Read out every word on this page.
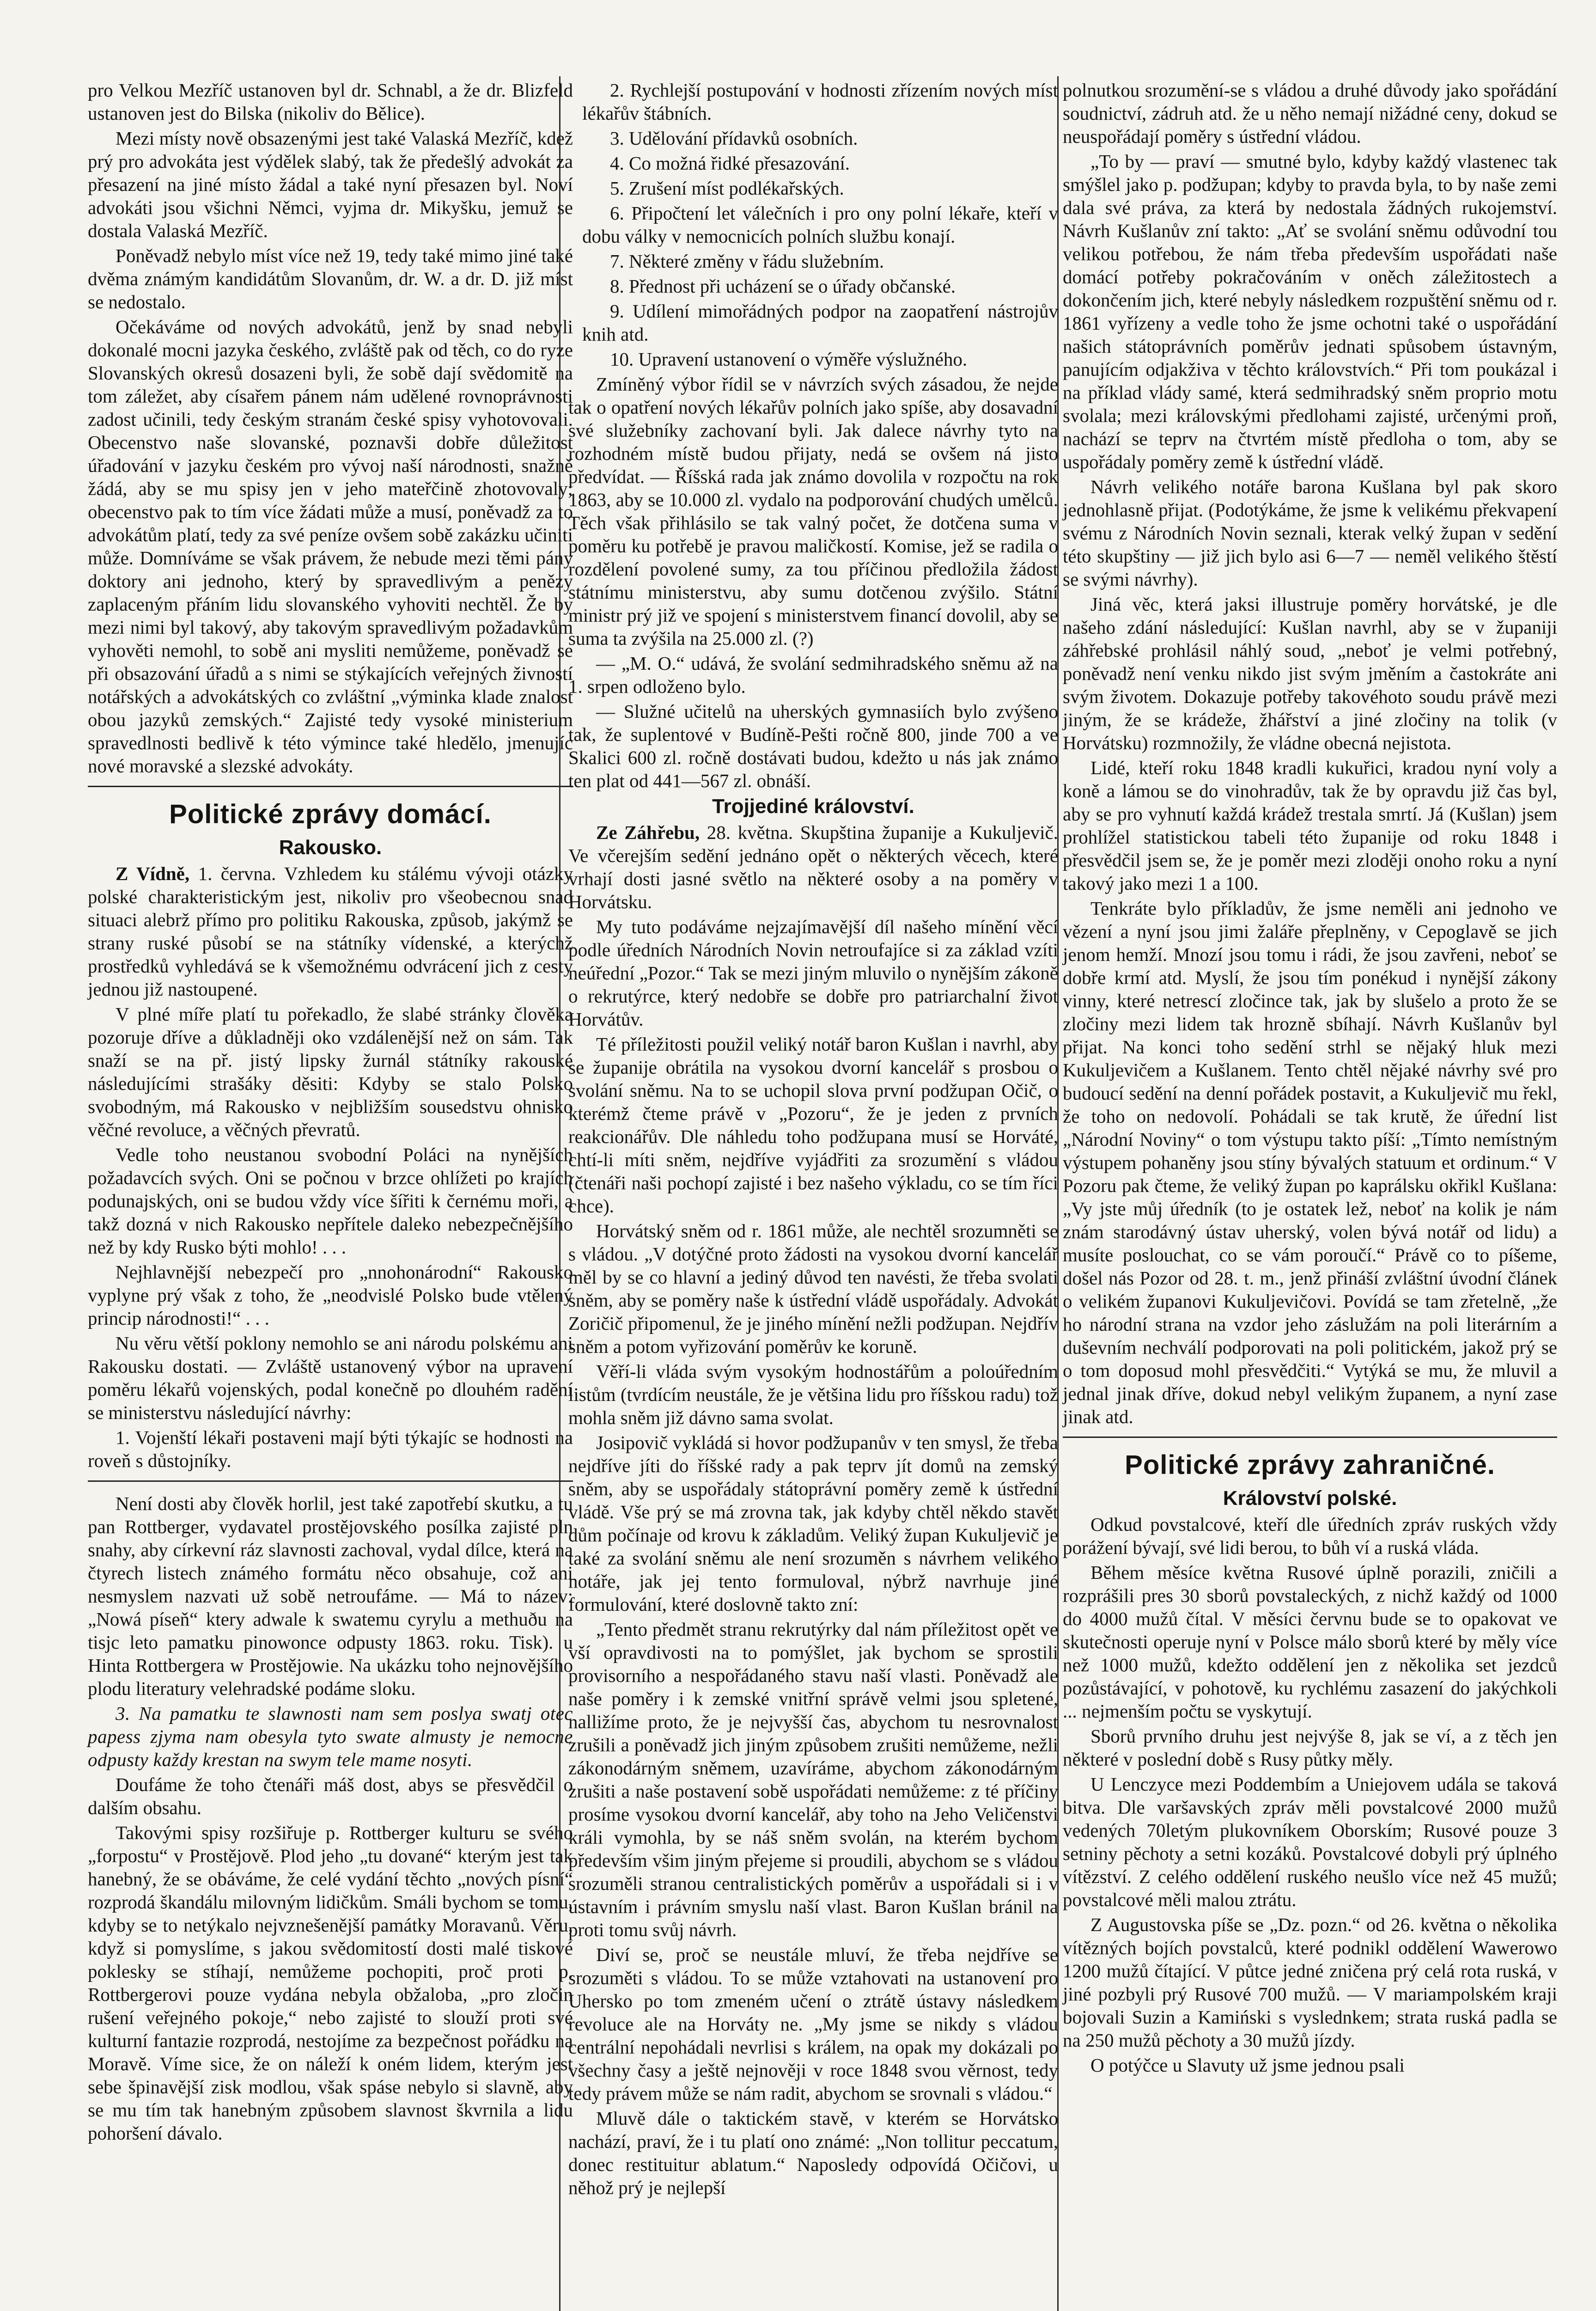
pro Velkou Mezříč ustanoven byl dr. Schnabl, a že dr. Blizfeld ustanoven jest do Bilska (nikoliv do Bělice).

Mezi místy nově obsazenými jest také Valaská Mezříč, kdež prý pro advokáta jest výdělek slabý, tak že předešlý advokát za přesazení na jiné místo žádal a také nyní přesazen byl. Noví advokáti jsou všichni Němci, vyjma dr. Mikyšku, jemuž se dostala Valaská Mezříč.

Poněvadž nebylo míst více než 19, tedy také mimo jiné také dvěma známým kandidátům Slovanům, dr. W. a dr. D. již míst se nedostalo.

Očekáváme od nových advokátů, jenž by snad nebyli dokonalé mocni jazyka českého, zvláště pak od těch, co do ryze Slovanských okresů dosazeni byli, že sobě dají svědomitě na tom záležet, aby císařem pánem nám udělené rovnoprávnosti zadost učinili, tedy českým stranám české spisy vyhotovovali. Obecenstvo naše slovanské, poznavši dobře důležitost úřadování v jazyku českém pro vývoj naší národnosti, snažně žádá, aby se mu spisy jen v jeho mateřčině zhotovovaly; obecenstvo pak to tím více žádati může a musí, poněvadž za to advokátům platí, tedy za své peníze ovšem sobě zakázku učiniti může. Domníváme se však právem, že nebude mezi těmi pány doktory ani jednoho, který by spravedlivým a penězy zaplaceným přáním lidu slovanského vyhoviti nechtěl. Že by mezi nimi byl takový, aby takovým spravedlivým požadavkům vyhověti nemohl, to sobě ani mysliti nemůžeme, poněvadž se při obsazování úřadů a s nimi se stýkajících veřejných živností notářských a advokátských co zvláštní „výminka klade znalost obou jazyků zemských.“ Zajisté tedy vysoké ministerium spravedlnosti bedlivě k této výmince také hledělo, jmenujíc nové moravské a slezské advokáty.

Politické zprávy domácí.
Rakousko.

Z Vídně, 1. června. Vzhledem ku stálému vývoji otázky polské charakteristickým jest, nikoliv pro všeobecnou snad situaci alebrž přímo pro politiku Rakouska, způsob, jakýmž se strany ruské působí se na státníky vídenské, a kterýchž prostředků vyhledává se k všemožnému odvrácení jich z cesty jednou již nastoupené.

V plné míře platí tu pořekadlo, že slabé stránky člověka pozoruje dříve a důkladněji oko vzdálenější než on sám. Tak snaží se na př. jistý lipsky žurnál státníky rakouské následujícími strašáky děsiti: Kdyby se stalo Polsko svobodným, má Rakousko v nejbližším sousedstvu ohnisko věčné revoluce, a věčných převratů.

Vedle toho neustanou svobodní Poláci na nynějších požadavcích svých. Oni se počnou v brzce ohlížeti po krajích podunajských, oni se budou vždy více šířiti k černému moři, a takž dozná v nich Rakousko nepřítele daleko nebezpečnějšího než by kdy Rusko býti mohlo! . . .

Nejhlavnější nebezpečí pro „nnohonárodní“ Rakousko vyplyne prý však z toho, že „neodvislé Polsko bude vtělený princip národnosti!“ . . .

Nu věru větší poklony nemohlo se ani národu polskému ani Rakousku dostati. — Zvláště ustanovený výbor na upravení poměru lékařů vojenských, podal konečně po dlouhém radění se ministerstvu následující návrhy:

1. Vojenští lékaři postaveni mají býti týkajíc se hodnosti na roveň s důstojníky.

Není dosti aby člověk horlil, jest také zapotřebí skutku, a tu pan Rottberger, vydavatel prostějovského posílka zajisté pln snahy, aby církevní ráz slavnosti zachoval, vydal dílce, která na čtyrech listech známého formátu něco obsahuje, což ani nesmyslem nazvati už sobě netroufáme. — Má to název: „Nowá píseň“ ktery adwale k swatemu cyrylu a methuðu na tisjc leto pamatku pinowonce odpusty 1863. roku. Tisk). u Hinta Rottbergera w Prostějowie. Na ukázku toho nejnovějšího plodu literatury velehradské podáme sloku.

3. Na pamatku te slawnosti nam sem poslya swatj otec papess zjyma nam obesyla tyto swate almusty je nemocne odpusty každy krestan na swym tele mame nosyti.

Doufáme že toho čtenáři máš dost, abys se přesvědčil o dalším obsahu.

Takovými spisy rozšiřuje p. Rottberger kulturu se svého „forpostu“ v Prostějově. Plod jeho „tu dované“ kterým jest tak hanebný, že se obáváme, že celé vydání těchto „nových písní“ rozprodá škandálu milovným lidičkům. Smáli bychom se tomu, kdyby se to netýkalo nejvznešenější památky Moravanů. Věru, když si pomyslíme, s jakou svědomitostí dosti malé tiskové poklesky se stíhají, nemůžeme pochopiti, proč proti p. Rottbergerovi pouze vydána nebyla obžaloba, „pro zločin rušení veřejného pokoje,“ nebo zajisté to slouží proti své kulturní fantazie rozprodá, nestojíme za bezpečnost pořádku na Moravě. Víme sice, že on náleží k oném lidem, kterým jest sebe špinavější zisk modlou, však spáse nebylo si slavně, aby se mu tím tak hanebným způsobem slavnost škvrnila a lidu pohoršení dávalo.

2. Rychlejší postupování v hodnosti zřízením nových míst lékařův štábních.

3. Udělování přídavků osobních.

4. Co možná řidké přesazování.

5. Zrušení míst podlékařských.

6. Připočtení let válečních i pro ony polní lékaře, kteří v dobu války v nemocnicích polních službu konají.

7. Některé změny v řádu služebním.

8. Přednost při ucházení se o úřady občanské.

9. Udílení mimořádných podpor na zaopatření nástrojův knih atd.

10. Upravení ustanovení o výměře výslužného.

Zmíněný výbor řídil se v návrzích svých zásadou, že nejde tak o opatření nových lékařův polních jako spíše, aby dosavadní své služebníky zachovaní byli. Jak dalece návrhy tyto na rozhodném místě budou přijaty, nedá se ovšem ná jisto předvídat. — Říšská rada jak známo dovolila v rozpočtu na rok 1863, aby se 10.000 zl. vydalo na podporování chudých umělců. Těch však přihlásilo se tak valný počet, že dotčena suma v poměru ku potřebě je pravou maličkostí. Komise, jež se radila o rozdělení povolené sumy, za tou příčinou předložila žádost státnímu ministerstvu, aby sumu dotčenou zvýšilo. Státní ministr prý již ve spojení s ministerstvem financí dovolil, aby se suma ta zvýšila na 25.000 zl. (?)

— „M. O.“ udává, že svolání sedmihradského sněmu až na 1. srpen odloženo bylo.

— Služné učitelů na uherských gymnasiích bylo zvýšeno tak, že suplentové v Budíně-Pešti ročně 800, jinde 700 a ve Skalici 600 zl. ročně dostávati budou, kdežto u nás jak známo ten plat od 441—567 zl. obnáší.

Trojjediné království.

Ze Záhřebu, 28. května. Skupština županije a Kukuljevič. Ve včerejším sedění jednáno opět o některých věcech, které vrhají dosti jasné světlo na některé osoby a na poměry v Horvátsku.

My tuto podáváme nejzajímavější díl našeho mínění věcí podle úředních Národních Novin netroufajíce si za základ vzíti neúřední „Pozor.“ Tak se mezi jiným mluvilo o nynějším zákoně o rekrutýrce, který nedobře se dobře pro patriarchalní život Horvátův.

Té příležitosti použil veliký notář baron Kušlan i navrhl, aby se županije obrátila na vysokou dvorní kancelář s prosbou o svolání sněmu. Na to se uchopil slova první podžupan Očič, o kterémž čteme právě v „Pozoru“, že je jeden z prvních reakcionářův. Dle náhledu toho podžupana musí se Horváté, chtí-li míti sněm, nejdříve vyjádřiti za srozumění s vládou (čtenáři naši pochopí zajisté i bez našeho výkladu, co se tím říci chce).

Horvátský sněm od r. 1861 může, ale nechtěl srozumněti se s vládou. „V dotýčné proto žádosti na vysokou dvorní kancelář měl by se co hlavní a jediný důvod ten navésti, že třeba svolati sněm, aby se poměry naše k ústřední vládě uspořádaly. Advokát Zoričič připomenul, že je jiného mínění nežli podžupan. Nejdřív sněm a potom vyřizování poměrův ke koruně.

Věří-li vláda svým vysokým hodnostářům a poloúředním listům (tvrdícím neustále, že je většina lidu pro říšskou radu) tož mohla sněm již dávno sama svolat.

Josipovič vykládá si hovor podžupanův v ten smysl, že třeba nejdříve jíti do říšské rady a pak teprv jít domů na zemský sněm, aby se uspořádaly státoprávní poměry země k ústřední vládě. Vše prý se má zrovna tak, jak kdyby chtěl někdo stavět dům počínaje od krovu k základům. Veliký župan Kukuljevič je také za svolání sněmu ale není srozuměn s návrhem velikého notáře, jak jej tento formuloval, nýbrž navrhuje jiné formulování, které doslovně takto zní:

„Tento předmět stranu rekrutýrky dal nám příležitost opět ve vší opravdivosti na to pomýšlet, jak bychom se sprostili provisorního a nespořádaného stavu naší vlasti. Poněvadž ale naše poměry i k zemské vnitřní správě velmi jsou spletené, nalližíme proto, že je nejvyšší čas, abychom tu nesrovnalost zrušili a poněvadž jich jiným způsobem zrušiti nemůžeme, nežli zákonodárným sněmem, uzavíráme, abychom zákonodárným zrušiti a naše postavení sobě uspořádati nemůžeme: z té příčiny prosíme vysokou dvorní kancelář, aby toho na Jeho Veličenstvi králi vymohla, by se náš sněm svolán, na kterém bychom především všim jiným přejeme si proudili, abychom se s vládou srozuměli stranou centralistických poměrův a uspořádali si i v ústavním i právním smyslu naší vlast. Baron Kušlan bránil na proti tomu svůj návrh.

Diví se, proč se neustále mluví, že třeba nejdříve se srozuměti s vládou. To se může vztahovati na ustanovení pro Uhersko po tom zmeném učení o ztrátě ústavy následkem revoluce ale na Horváty ne. „My jsme se nikdy s vládou centrální nepohádali nevrlisi s králem, na opak my dokázali po všechny časy a ještě nejnověji v roce 1848 svou věrnost, tedy tedy právem může se nám radit, abychom se srovnali s vládou.“

Mluvě dále o taktickém stavě, v kterém se Horvátsko nachází, praví, že i tu platí ono známé: „Non tollitur peccatum, donec restituitur ablatum.“ Naposledy odpovídá Očičovi, u něhož prý je nejlepší

polnutkou srozumění-se s vládou a druhé důvody jako spořádání soudnictví, zádruh atd. že u něho nemají nižádné ceny, dokud se neuspořádají poměry s ústřední vládou.

„To by — praví — smutné bylo, kdyby každý vlastenec tak smýšlel jako p. podžupan; kdyby to pravda byla, to by naše zemi dala své práva, za která by nedostala žádných rukojemství. Návrh Kušlanův zní takto: „Ať se svolání sněmu odůvodní tou velikou potřebou, že nám třeba především uspořádati naše domácí potřeby pokračováním v oněch záležitostech a dokončením jich, které nebyly následkem rozpuštění sněmu od r. 1861 vyřízeny a vedle toho že jsme ochotni také o uspořádání našich státoprávních poměrův jednati spůsobem ústavným, panujícím odjakživa v těchto královstvích.“ Při tom poukázal i na příklad vlády samé, která sedmihradský sněm proprio motu svolala; mezi královskými předlohami zajisté, určenými proň, nachází se teprv na čtvrtém místě předloha o tom, aby se uspořádaly poměry země k ústřední vládě.

Návrh velikého notáře barona Kušlana byl pak skoro jednohlasně přijat. (Podotýkáme, že jsme k velikému překvapení svému z Národních Novin seznali, kterak velký župan v sedění této skupštiny — již jich bylo asi 6—7 — neměl velikého štěstí se svými návrhy).

Jiná věc, která jaksi illustruje poměry horvátské, je dle našeho zdání následující: Kušlan navrhl, aby se v županiji záhřebské prohlásil náhlý soud, „neboť je velmi potřebný, poněvadž není venku nikdo jist svým jměním a častokráte ani svým životem. Dokazuje potřeby takovéhoto soudu právě mezi jiným, že se krádeže, žhářství a jiné zločiny na tolik (v Horvátsku) rozmnožily, že vládne obecná nejistota.

Lidé, kteří roku 1848 kradli kukuřici, kradou nyní voly a koně a lámou se do vinohradův, tak že by opravdu již čas byl, aby se pro vyhnutí každá krádež trestala smrtí. Já (Kušlan) jsem prohlížel statistickou tabeli této županije od roku 1848 i přesvědčil jsem se, že je poměr mezi zloději onoho roku a nyní takový jako mezi 1 a 100.

Tenkráte bylo příkladův, že jsme neměli ani jednoho ve vězení a nyní jsou jimi žaláře přeplněny, v Cepoglavě se jich jenom hemží. Mnozí jsou tomu i rádi, že jsou zavřeni, neboť se dobře krmí atd. Myslí, že jsou tím ponékud i nynější zákony vinny, které netrescí zločince tak, jak by slušelo a proto že se zločiny mezi lidem tak hrozně sbíhají. Návrh Kušlanův byl přijat. Na konci toho sedění strhl se nějaký hluk mezi Kukuljevičem a Kušlanem. Tento chtěl nějaké návrhy své pro budoucí sedění na denní pořádek postavit, a Kukuljevič mu řekl, že toho on nedovolí. Pohádali se tak krutě, že úřední list „Národní Noviny“ o tom výstupu takto píší: „Tímto nemístným výstupem pohaněny jsou stíny bývalých statuum et ordinum.“ V Pozoru pak čteme, že veliký župan po kaprálsku okřikl Kušlana: „Vy jste můj úředník (to je ostatek lež, neboť na kolik je nám znám starodávný ústav uherský, volen bývá notář od lidu) a musíte poslouchat, co se vám poroučí.“ Právě co to píšeme, došel nás Pozor od 28. t. m., jenž přináší zvláštní úvodní článek o velikém županovi Kukuljevičovi. Povídá se tam zřetelně, „že ho národní strana na vzdor jeho záslužám na poli literárním a duševním nechválí podporovati na poli politickém, jakož prý se o tom doposud mohl přesvědčiti.“ Vytýká se mu, že mluvil a jednal jinak dříve, dokud nebyl velikým županem, a nyní zase jinak atd.

Politické zprávy zahraničné.
Království polské.

Odkud povstalcové, kteří dle úředních zpráv ruských vždy porážení bývají, své lidi berou, to bůh ví a ruská vláda.

Během měsíce května Rusové úplně porazili, zničili a rozprášili pres 30 sborů povstaleckých, z nichž každý od 1000 do 4000 mužů čítal. V měsíci červnu bude se to opakovat ve skutečnosti operuje nyní v Polsce málo sborů které by měly více než 1000 mužů, kdežto oddělení jen z několika set jezdců pozůstávající, v pohotově, ku rychlému zasazení do jakýchkoli ... nejmenším počtu se vyskytují.

Sborů prvního druhu jest nejvýše 8, jak se ví, a z těch jen některé v poslední době s Rusy půtky měly.

U Lenczyce mezi Poddembím a Uniejovem udála se taková bitva. Dle varšavských zpráv měli povstalcové 2000 mužů vedených 70letým plukovníkem Oborskím; Rusové pouze 3 setniny pěchoty a setni kozáků. Povstalcové dobyli prý úplného vítězství. Z celého oddělení ruského neušlo více než 45 mužů; povstalcové měli malou ztrátu.

Z Augustovska píše se „Dz. pozn.“ od 26. května o několika vítězných bojích povstalců, které podnikl oddělení Wawerowo 1200 mužů čítající. V půtce jedné zničena prý celá rota ruská, v jiné pozbyli prý Rusové 700 mužů. — V mariampolském kraji bojovali Suzin a Kamiński s vyslednkem; strata ruská padla se na 250 mužů pěchoty a 30 mužů jízdy.

O potýčce u Slavuty už jsme jednou psali
